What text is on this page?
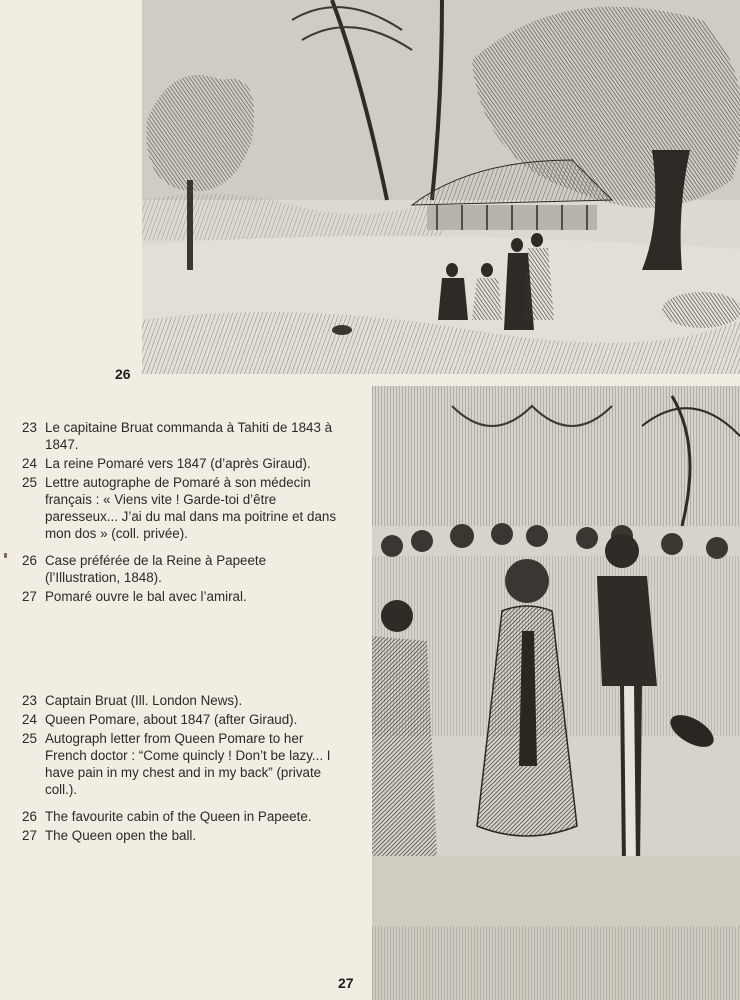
26
23 Le capitaine Bruat commanda à Tahiti de 1843 à 1847.
24 La reine Pomaré vers 1847 (d’après Giraud).
25 Lettre autographe de Pomaré à son médecin français : « Viens vite ! Garde-toi d’être paresseux... J’ai du mal dans ma poitrine et dans mon dos » (coll. privée).
26 Case préférée de la Reine à Papeete (l’Illustration, 1848).
27 Pomaré ouvre le bal avec l’amiral.
23 Captain Bruat (Ill. London News).
24 Queen Pomare, about 1847 (after Giraud).
25 Autograph letter from Queen Pomare to her French doctor : “Come quincly ! Don’t be lazy... I have pain in my chest and in my back” (private coll.).
26 The favourite cabin of the Queen in Papeete.
27 The Queen open the ball.
27
